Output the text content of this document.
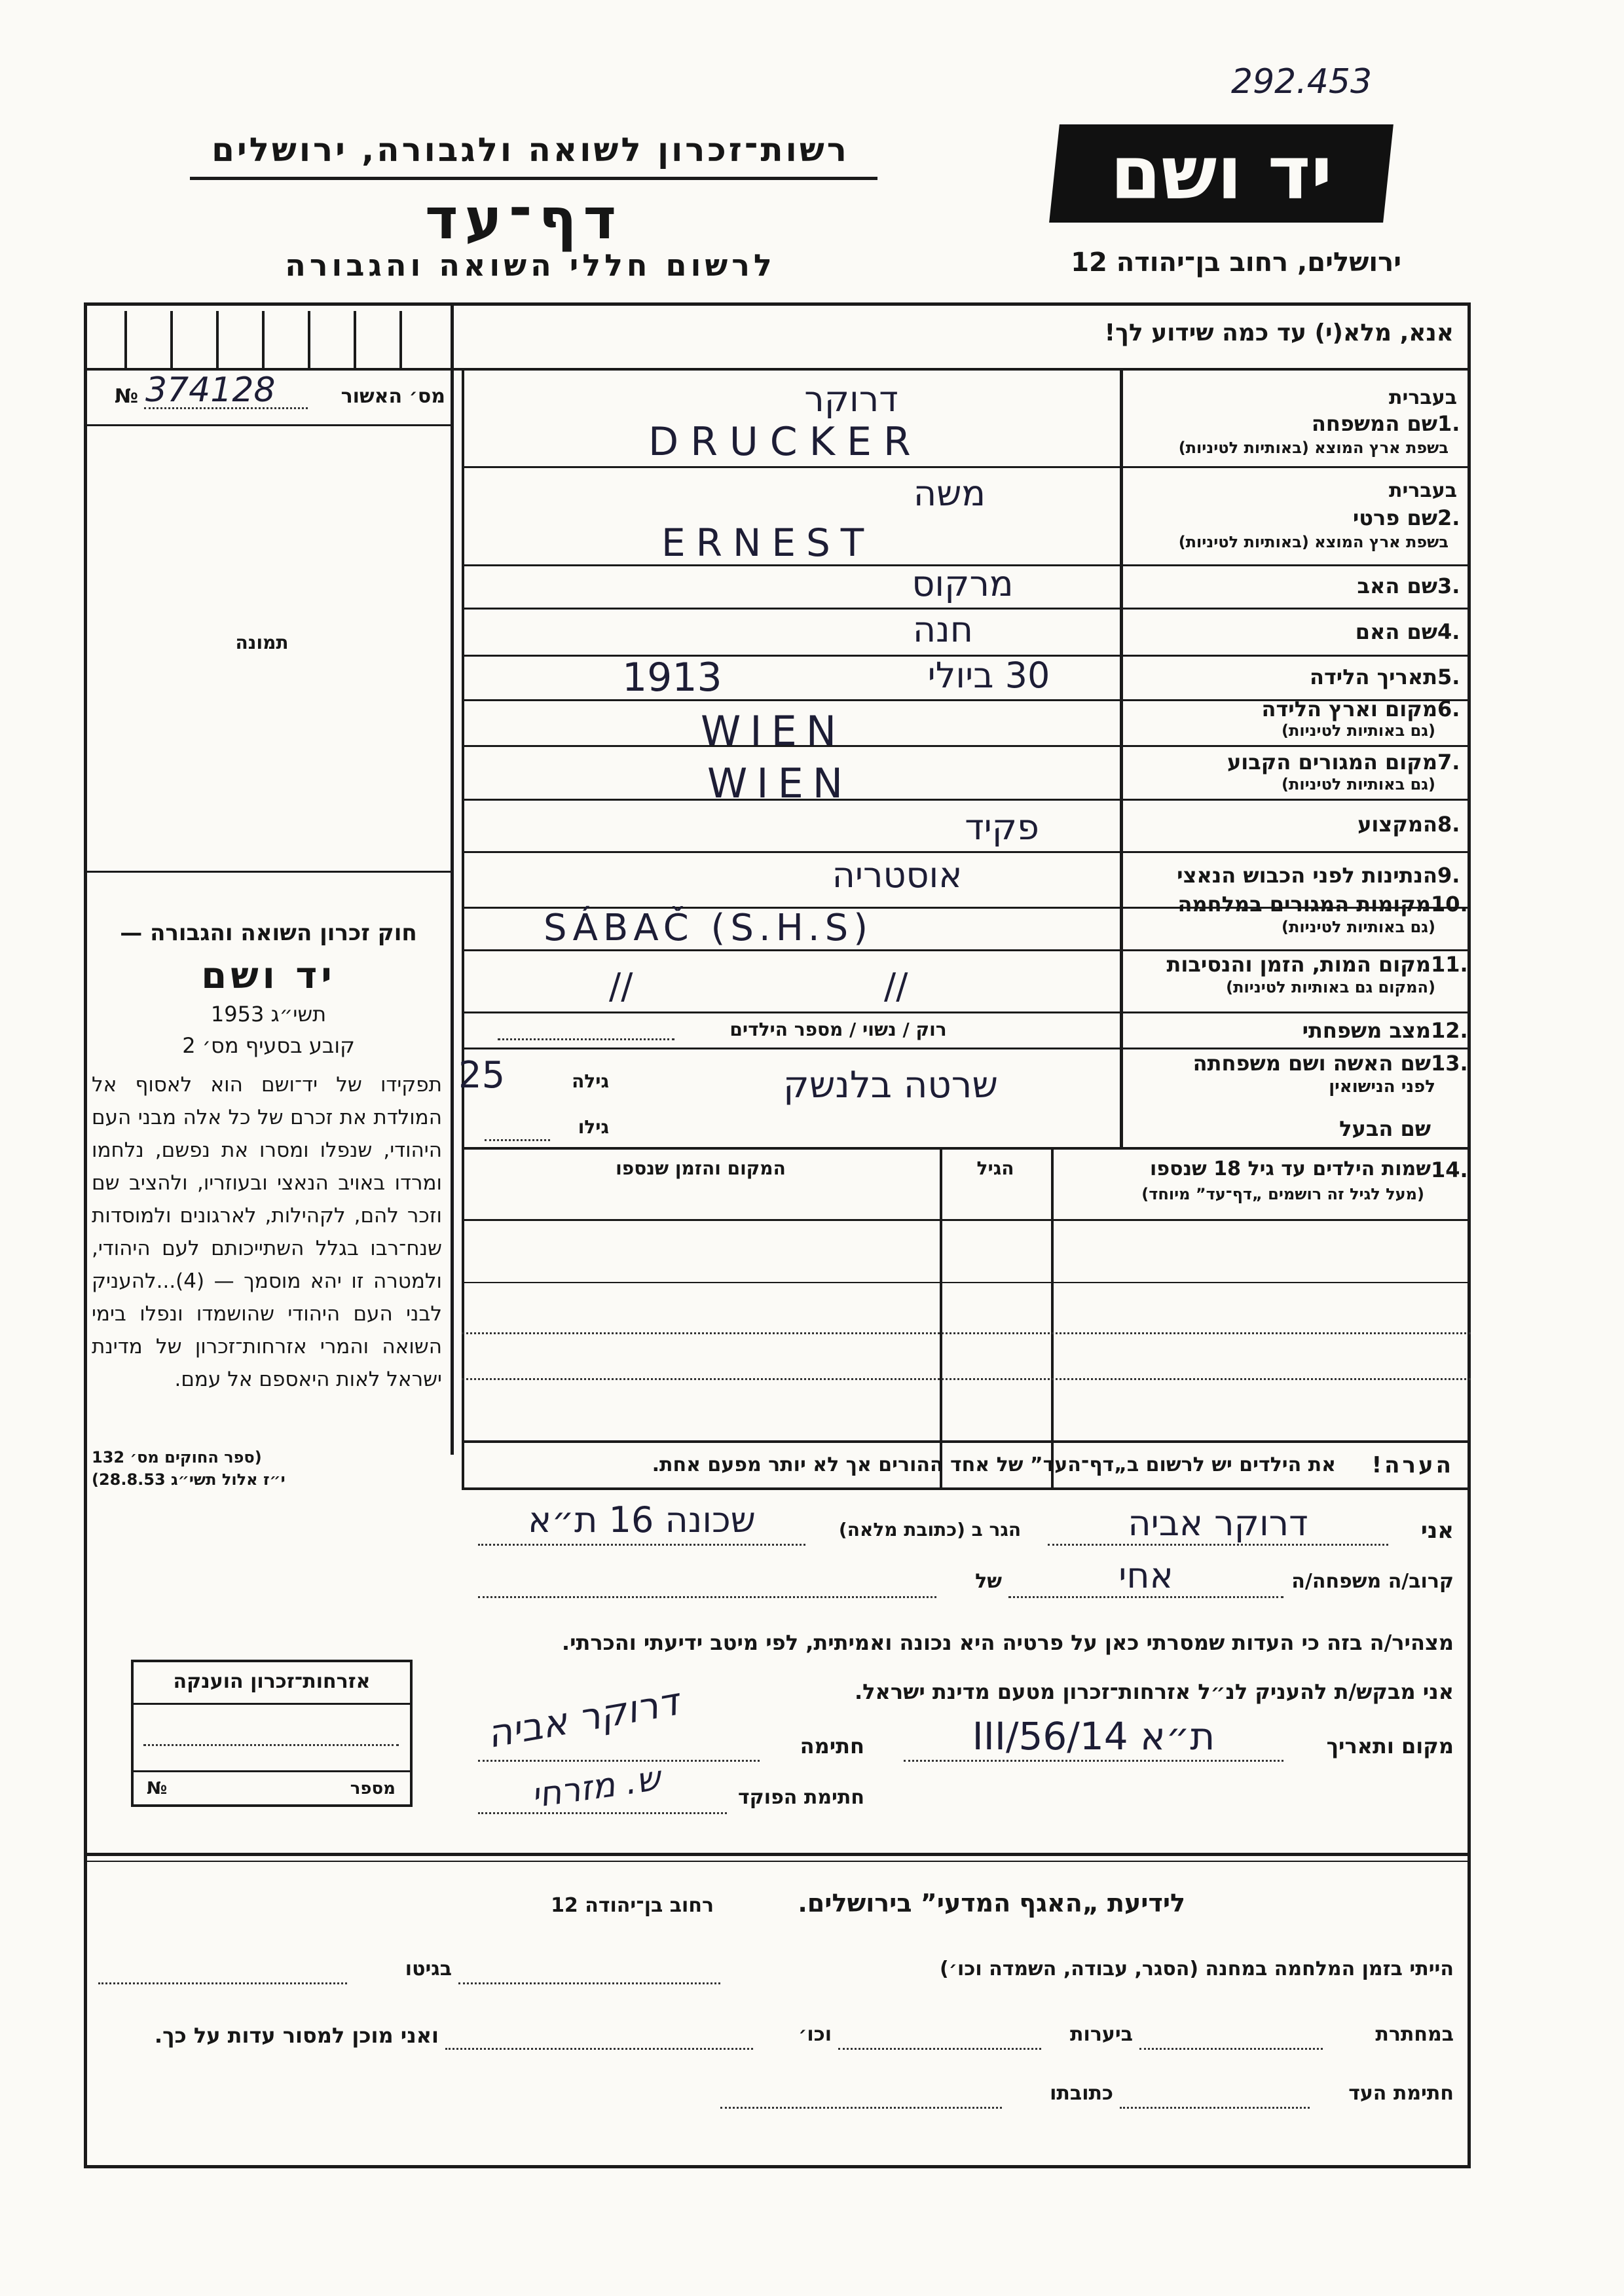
292.453
רשות־זכרון לשואה ולגבורה, ירושלים
דף־עד
לרשום חללי השואה והגבורה
יד ושם
ירושלים, רחוב בן־יהודה 12
אנא, מלא(י) עד כמה שידוע לך!
№ 374128	מס׳ האשור
תמונה
חוק זכרון השואה והגבורה —
יד ושם
תשי״ג 1953
קובע בסעיף מס׳ 2
תפקידו של יד־ושם הוא לאסוף אל המולדת את זכרם של כל אלה מבני העם היהודי, שנפלו ומסרו את נפשם, נלחמו ומרדו באויב הנאצי ובעוזריו, ולהציב שם וזכר להם, לקהילות, לארגונים ולמוסדות שנח־רבו בגלל השתייכותם לעם היהודי, ולמטרה זו יהא מוסמך — (4)...להעניק לבני העם היהודי שהושמדו ונפלו בימי השואה והמרי אזרחות־זכרון של מדינת ישראל לאות היאספם אל עמם.
(ספר החוקים מס׳ 132
י״ז אלול תשי״ג 28.8.53)
בעברית
שם המשפחה 1.
בשפת ארץ המוצא (באותיות לטיניות)
דרוקר
DRUCKER
בעברית
שם פרטי 2.
בשפת ארץ המוצא (באותיות לטיניות)
משה
ERNEST
שם האב 3.
מרקוס
שם האם 4.
חנה
תאריך הלידה 5.
30 ביולי
1913
מקום וארץ הלידה 6.
(גם באותיות לטיניות)
WIEN
מקום המגורים הקבוע 7.
(גם באותיות לטיניות)
WIEN
המקצוע 8.
פקיד
הנתינות לפני הכבוש הנאצי 9.
אוסטריה
מקומות המגורים במלחמה 10.
(גם באותיות לטיניות)
SÁBAČ (S.H.S)
מקום המות, הזמן והנסיבות 11.
(המקום גם באותיות לטיניות)
//	//
מצב משפחתי 12.
רוק / נשוי / מספר הילדים
שם האשה ושם משפחתה 13.
לפני הנישואין
שרטה בלנשק
גילה
25
שם הבעל
גילו
שמות הילדים עד גיל 18 שנספו 14.
(מעל לגיל זה רושמים „דף־עד” מיוחד)
הגיל
המקום והזמן שנספו
הערה!
את הילדים יש לרשום ב„דף־העד” של אחד ההורים אך לא יותר מפעם אחת.
אני
דרוקר אביה
הגר ב (כתובת מלאה)
שכונה 16 ת״א
קרוב/ה משפחה/ה
אחי
של
מצהיר/ה בזה כי העדות שמסרתי כאן על פרטיה היא נכונה ואמיתית, לפי מיטב ידיעתי והכרתי.
אני מבקש/ת להעניק לנ״ל אזרחות־זכרון מטעם מדינת ישראל.
מקום ותאריך
ת״א 14/III/56
חתימה
דרוקר אביה
חתימת הפוקד
ש. מזרחי
אזרחות־זכרון הוענקה
מספר
№
לידיעת „האגף המדעי” בירושלים.
רחוב בן־יהודה 12
הייתי בזמן המלחמה במחנה (הסגר, עבודה, השמדה וכו׳)
בגיטו
במחתרת
ביערות
וכו׳
ואני מוכן למסור עדות על כך.
חתימת העד
כתובתו
